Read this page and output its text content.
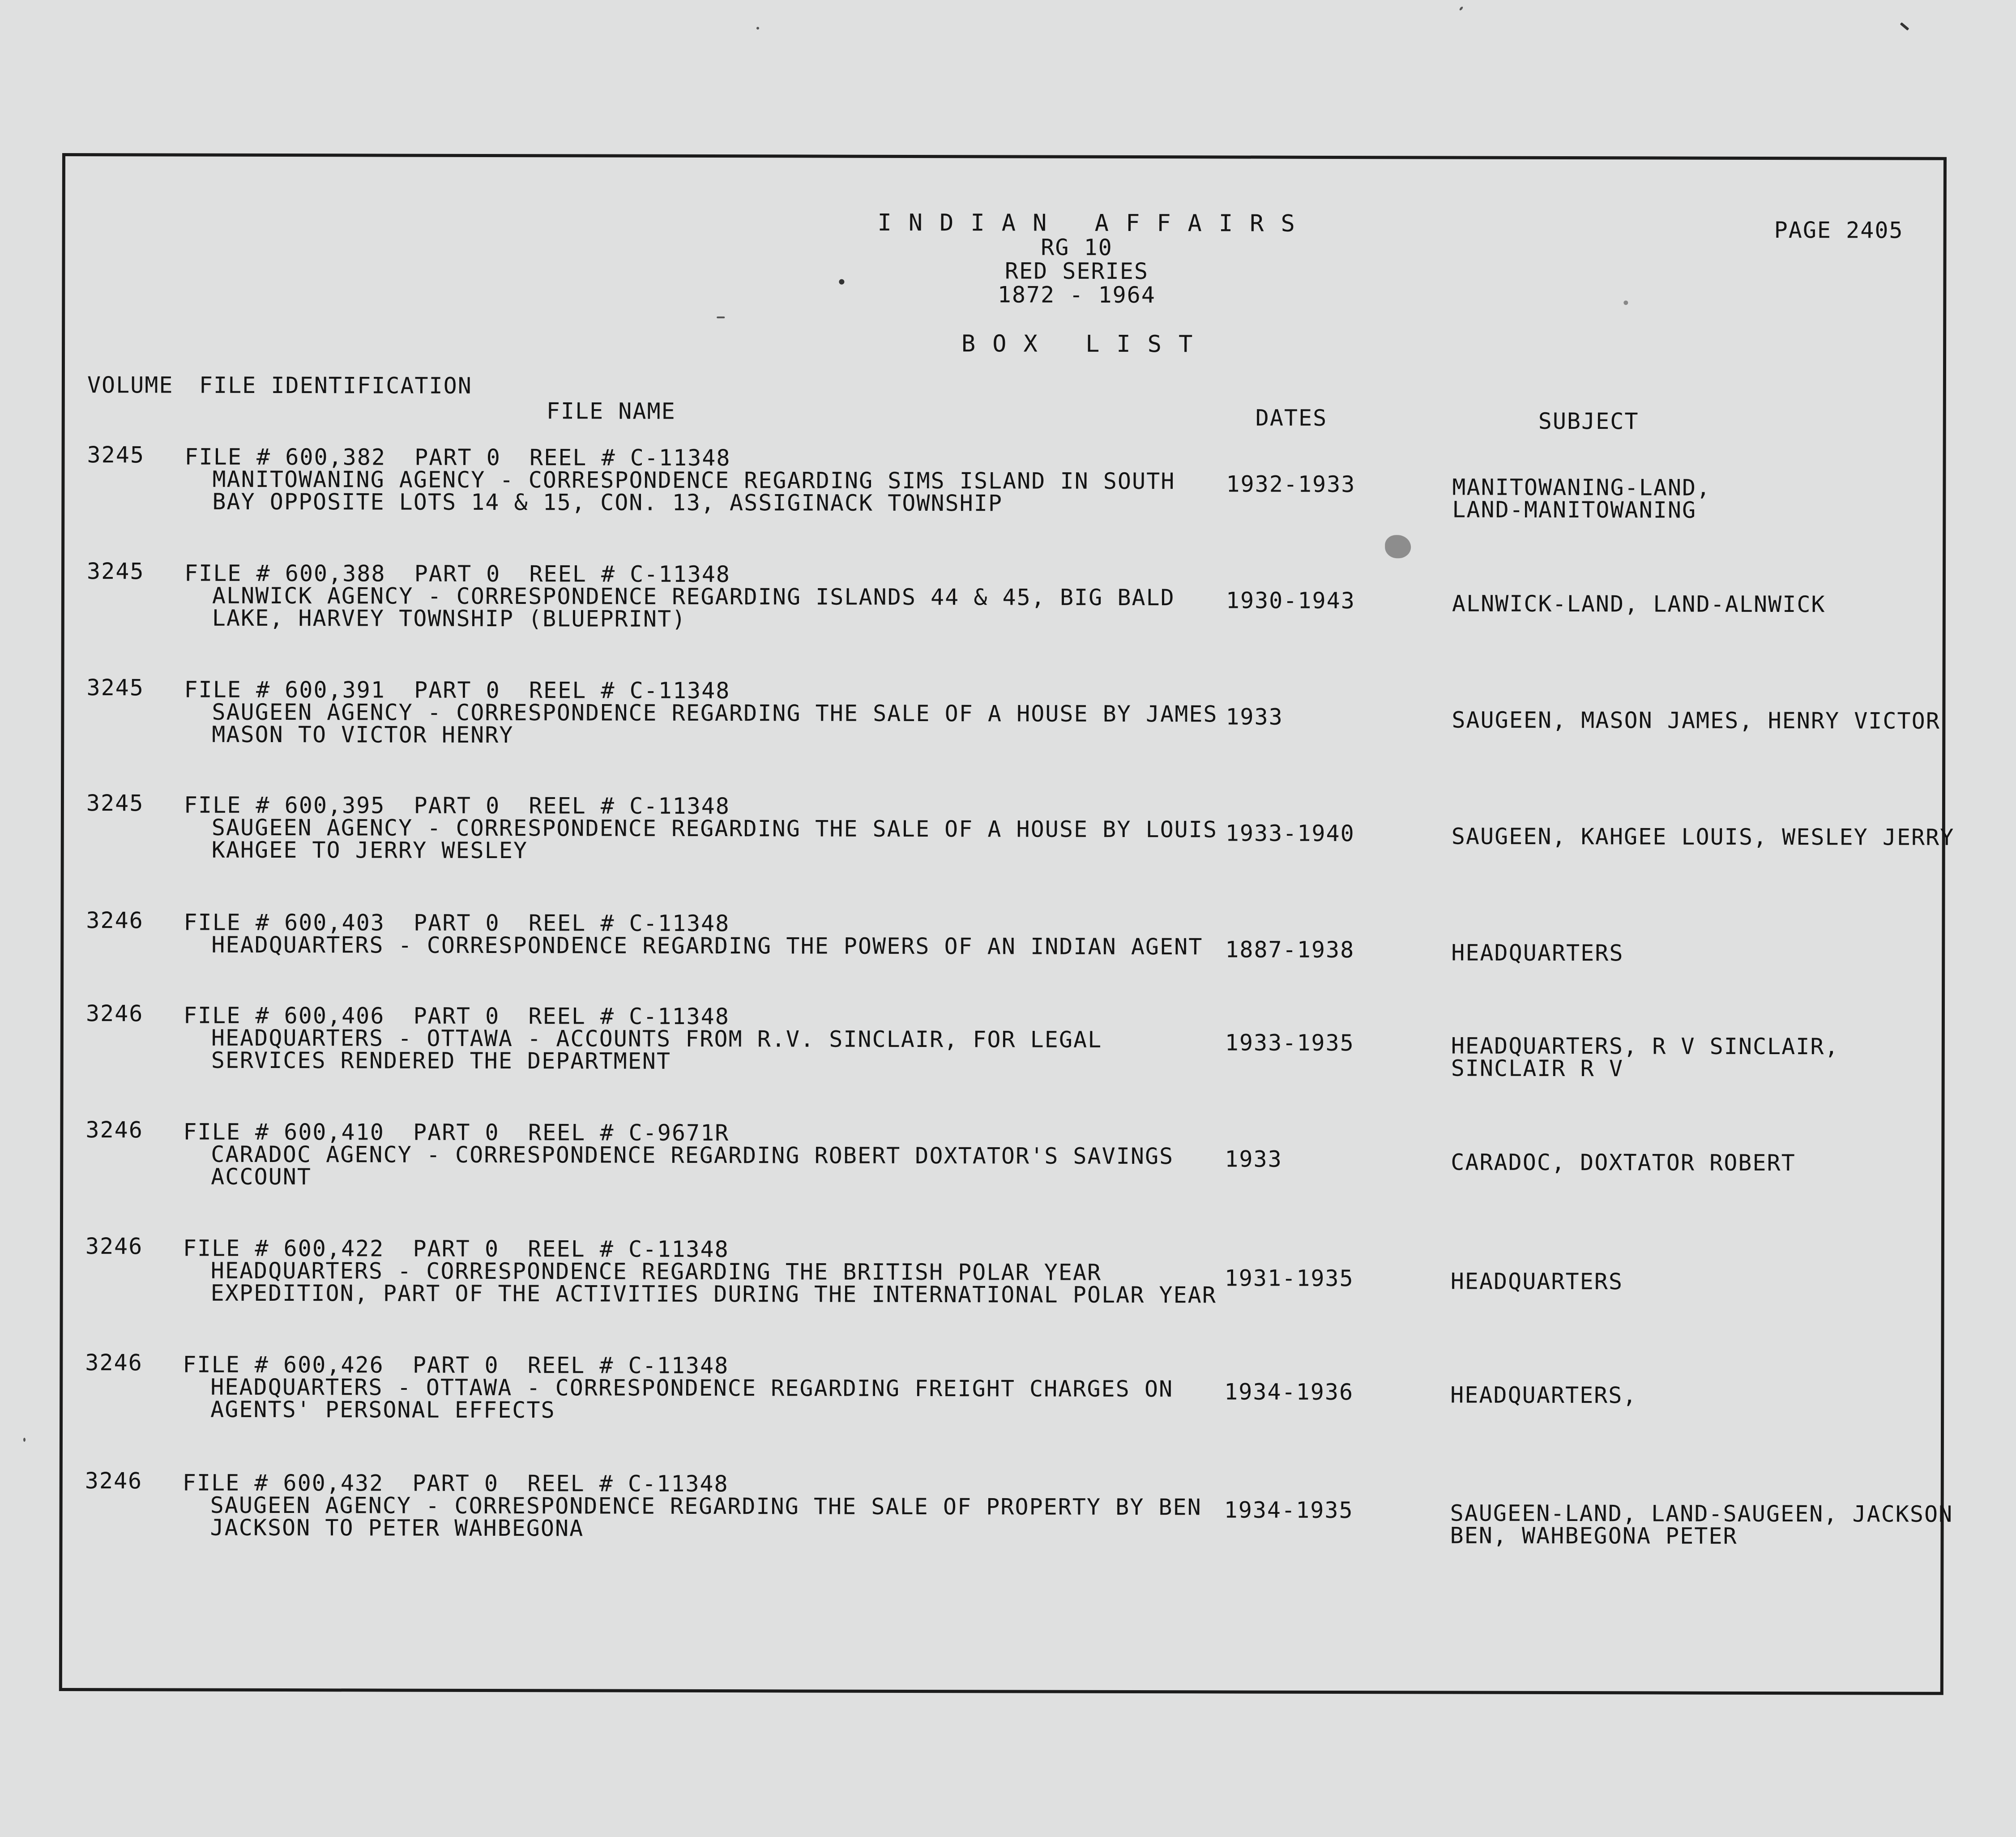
INDIAN AFFAIRS
RG 10
RED SERIES
1872 - 1964
BOX LIST
PAGE 2405
VOLUME FILE IDENTIFICATION
FILE NAME	DATES	SUBJECT
3245 FILE # 600,382  PART 0  REEL # C-11348
MANITOWANING AGENCY - CORRESPONDENCE REGARDING SIMS ISLAND IN SOUTH
BAY OPPOSITE LOTS 14 & 15, CON. 13, ASSIGINACK TOWNSHIP
1932-1933	MANITOWANING-LAND,
LAND-MANITOWANING
3245 FILE # 600,388  PART 0  REEL # C-11348
ALNWICK AGENCY - CORRESPONDENCE REGARDING ISLANDS 44 & 45, BIG BALD
LAKE, HARVEY TOWNSHIP (BLUEPRINT)
1930-1943	ALNWICK-LAND, LAND-ALNWICK
3245 FILE # 600,391  PART 0  REEL # C-11348
SAUGEEN AGENCY - CORRESPONDENCE REGARDING THE SALE OF A HOUSE BY JAMES
MASON TO VICTOR HENRY
1933	SAUGEEN, MASON JAMES, HENRY VICTOR
3245 FILE # 600,395  PART 0  REEL # C-11348
SAUGEEN AGENCY - CORRESPONDENCE REGARDING THE SALE OF A HOUSE BY LOUIS
KAHGEE TO JERRY WESLEY
1933-1940	SAUGEEN, KAHGEE LOUIS, WESLEY JERRY
3246 FILE # 600,403  PART 0  REEL # C-11348
HEADQUARTERS - CORRESPONDENCE REGARDING THE POWERS OF AN INDIAN AGENT 1887-1938	HEADQUARTERS
3246 FILE # 600,406  PART 0  REEL # C-11348
HEADQUARTERS - OTTAWA - ACCOUNTS FROM R.V. SINCLAIR, FOR LEGAL
SERVICES RENDERED THE DEPARTMENT
1933-1935	HEADQUARTERS, R V SINCLAIR,
SINCLAIR R V
3246 FILE # 600,410  PART 0  REEL # C-9671R
CARADOC AGENCY - CORRESPONDENCE REGARDING ROBERT DOXTATOR'S SAVINGS
ACCOUNT
1933	CARADOC, DOXTATOR ROBERT
3246 FILE # 600,422  PART 0  REEL # C-11348
HEADQUARTERS - CORRESPONDENCE REGARDING THE BRITISH POLAR YEAR
EXPEDITION, PART OF THE ACTIVITIES DURING THE INTERNATIONAL POLAR YEAR
1931-1935	HEADQUARTERS
3246 FILE # 600,426  PART 0  REEL # C-11348
HEADQUARTERS - OTTAWA - CORRESPONDENCE REGARDING FREIGHT CHARGES ON
AGENTS' PERSONAL EFFECTS
1934-1936	HEADQUARTERS,
3246 FILE # 600,432  PART 0  REEL # C-11348
SAUGEEN AGENCY - CORRESPONDENCE REGARDING THE SALE OF PROPERTY BY BEN
JACKSON TO PETER WAHBEGONA
1934-1935	SAUGEEN-LAND, LAND-SAUGEEN, JACKSON
BEN, WAHBEGONA PETER
